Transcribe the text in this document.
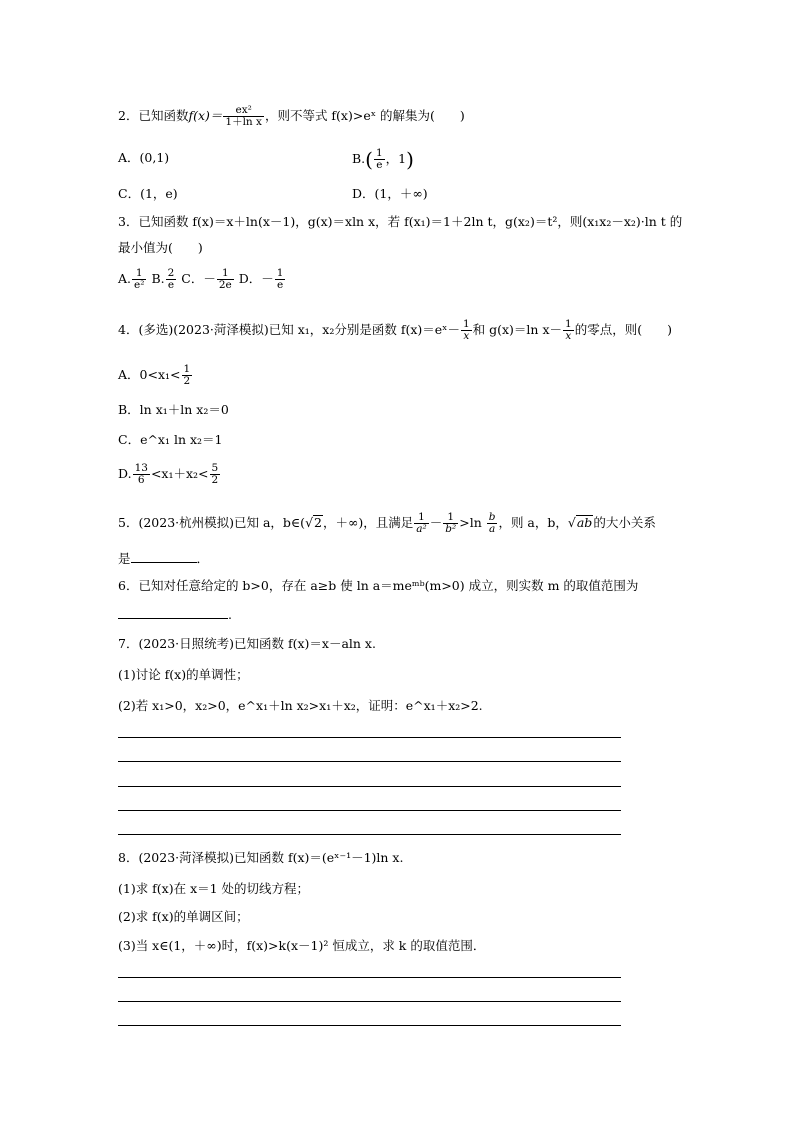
2．已知函数$f(x)= \frac{\text{ex²}}{\text{1＋ln x}}$ ，则不等式 f(x)>eˣ 的解集为(　　)
A．(0,1)	$B.( \frac{1}{e}$ ，1)
C．(1，e)	D．(1，＋∞)
3．已知函数 f(x)＝x＋ln(x－1)，g(x)＝xln x，若 f(x₁)＝1＋2ln t，g(x₂)＝t²，则(x₁x₂－x₂)·ln t 的
最小值为(　　)
A. $\frac{1}{\text{e²}} B$. $\frac{2}{e}$ C．－ $\frac{1}{2e}$ D．－ $\frac{1}{e}$
4．(多选)(2023·菏泽模拟)已知 x₁，x₂分别是函数 f(x)＝eˣ－ $\frac{1}{x}$ 和 g(x)＝ln $x- \frac{1}{x}$ 的零点，则(　　)
A．$0<x_1< \frac{1}{2}$
B．ln x₁＋ln x₂＝0
C．e^x₁ ln x₂＝1
D. $\frac{13}{6} <x_1+x_2< \frac{5}{2}$
5．(2023·杭州模拟)已知 a，b∈(√2，＋∞)，且满足 $\frac{1}{\text{a²}} - \frac{1}{\text{b²}} >\ln \frac{b}{a}$ ，则 a，b，√ab的大小关系
是	．
6．已知对任意给定的 b>0，存在 a≥b 使 ln a＝meᵐᵇ(m>0) 成立，则实数 m 的取值范围为
.
7．(2023·日照统考)已知函数 f(x)＝x－aln x.
(1)讨论 f(x)的单调性；
(2)若 x₁>0，x₂>0，e^x₁＋ln x₂>x₁＋x₂，证明：e^x₁＋x₂>2.
8．(2023·菏泽模拟)已知函数 f(x)＝(eˣ⁻¹－1)ln x.
(1)求 f(x)在 x＝1 处的切线方程；
(2)求 f(x)的单调区间；
(3)当 x∈(1，＋∞)时，f(x)>k(x－1)² 恒成立，求 k 的取值范围．
